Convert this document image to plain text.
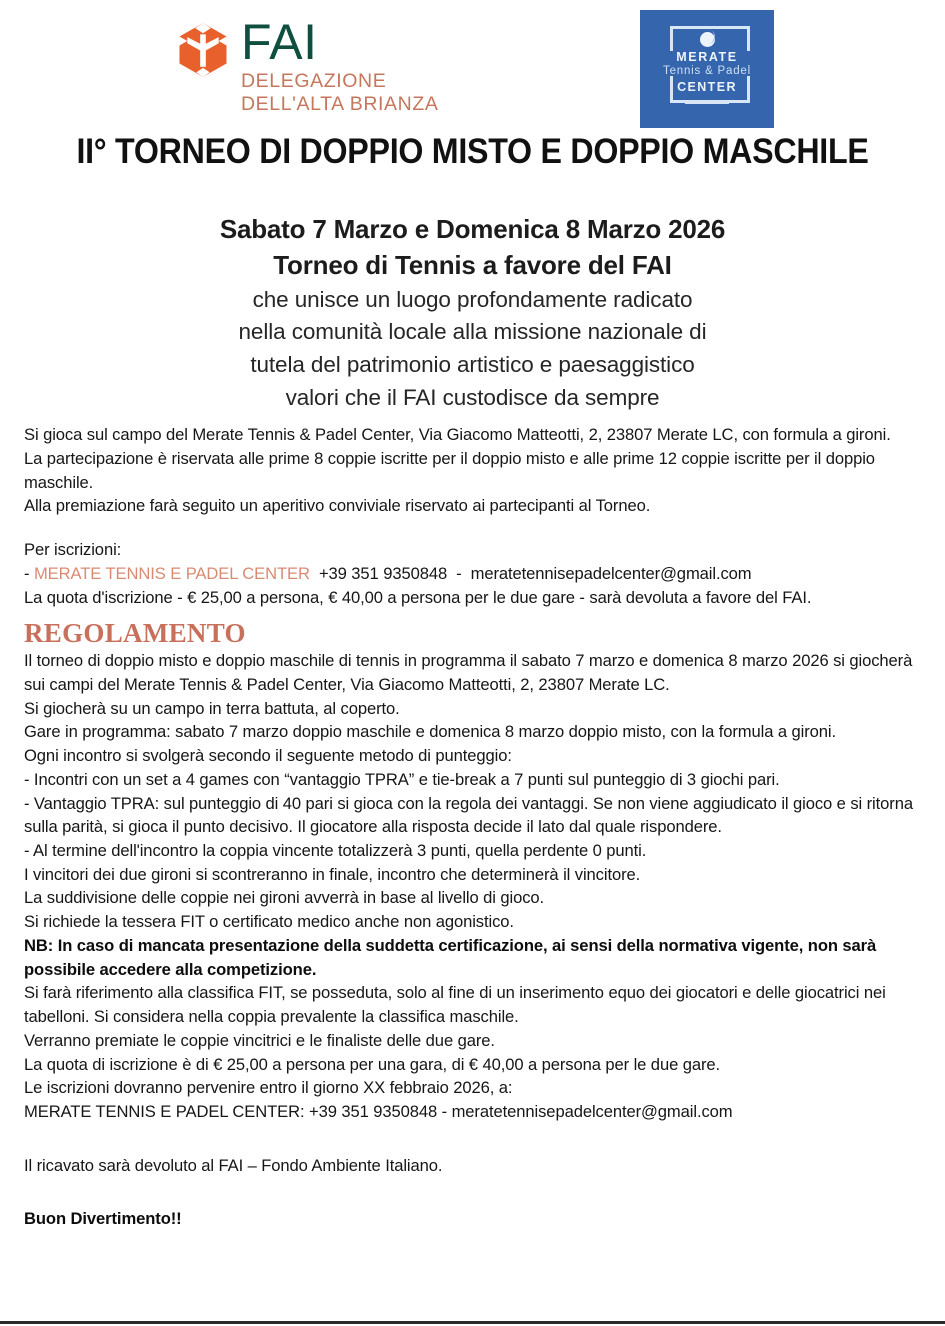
FAI
DELEGAZIONE
DELL'ALTA BRIANZA
MERATE
Tennis & Padel
CENTER
II° TORNEO DI DOPPIO MISTO E DOPPIO MASCHILE
Sabato 7 Marzo e Domenica 8 Marzo 2026
Torneo di Tennis a favore del FAI
che unisce un luogo profondamente radicato
nella comunità locale alla missione nazionale di
tutela del patrimonio artistico e paesaggistico
valori che il FAI custodisce da sempre

Si gioca sul campo del Merate Tennis & Padel Center, Via Giacomo Matteotti, 2, 23807 Merate LC, con formula a gironi.

La partecipazione è riservata alle prime 8 coppie iscritte per il doppio misto e alle prime 12 coppie iscritte per il doppio maschile.

Alla premiazione farà seguito un aperitivo conviviale riservato ai partecipanti al Torneo.

Per iscrizioni:

- MERATE TENNIS E PADEL CENTER +39 351 9350848 - meratetennisepadelcenter@gmail.com

La quota d'iscrizione - € 25,00 a persona, € 40,00 a persona per le due gare - sarà devoluta a favore del FAI.

REGOLAMENTO

Il torneo di doppio misto e doppio maschile di tennis in programma il sabato 7 marzo e domenica 8 marzo 2026 si giocherà sui campi del Merate Tennis & Padel Center, Via Giacomo Matteotti, 2, 23807 Merate LC.

Si giocherà su un campo in terra battuta, al coperto.

Gare in programma: sabato 7 marzo doppio maschile e domenica 8 marzo doppio misto, con la formula a gironi.

Ogni incontro si svolgerà secondo il seguente metodo di punteggio:

- Incontri con un set a 4 games con “vantaggio TPRA” e tie-break a 7 punti sul punteggio di 3 giochi pari.

- Vantaggio TPRA: sul punteggio di 40 pari si gioca con la regola dei vantaggi. Se non viene aggiudicato il gioco e si ritorna sulla parità, si gioca il punto decisivo. Il giocatore alla risposta decide il lato dal quale rispondere.

- Al termine dell'incontro la coppia vincente totalizzerà 3 punti, quella perdente 0 punti.

I vincitori dei due gironi si scontreranno in finale, incontro che determinerà il vincitore.

La suddivisione delle coppie nei gironi avverrà in base al livello di gioco.

Si richiede la tessera FIT o certificato medico anche non agonistico.

NB: In caso di mancata presentazione della suddetta certificazione, ai sensi della normativa vigente, non sarà possibile accedere alla competizione.

Si farà riferimento alla classifica FIT, se posseduta, solo al fine di un inserimento equo dei giocatori e delle giocatrici nei tabelloni. Si considera nella coppia prevalente la classifica maschile.

Verranno premiate le coppie vincitrici e le finaliste delle due gare.

La quota di iscrizione è di € 25,00 a persona per una gara, di € 40,00 a persona per le due gare.

Le iscrizioni dovranno pervenire entro il giorno XX febbraio 2026, a:

MERATE TENNIS E PADEL CENTER: +39 351 9350848 - meratetennisepadelcenter@gmail.com

Il ricavato sarà devoluto al FAI – Fondo Ambiente Italiano.

Buon Divertimento!!
